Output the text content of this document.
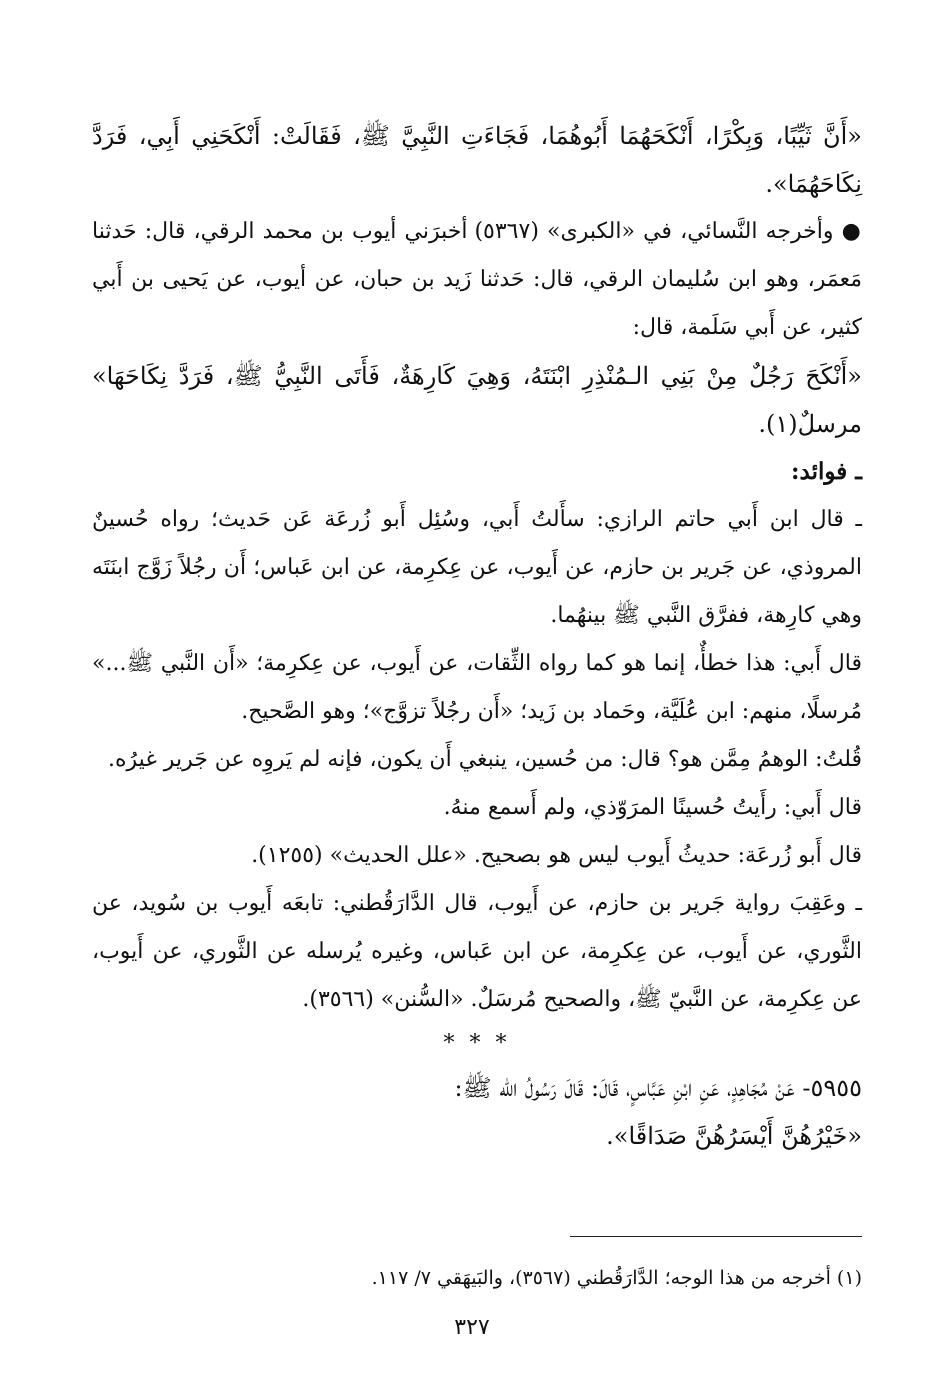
«أَنَّ ثَيِّبًا، وَبِكْرًا، أَنْكَحَهُمَا أَبُوهُمَا، فَجَاءَتِ النَّبِيَّ ﷺ، فَقَالَتْ: أَنْكَحَنِي أَبِي، فَرَدَّ نِكَاحَهُمَا».

● وأخرجه النَّسائي، في «الكبرى» (٥٣٦٧) أخبرَني أيوب بن محمد الرقي، قال: حَدثنا مَعمَر، وهو ابن سُليمان الرقي، قال: حَدثنا زَيد بن حبان، عن أيوب، عن يَحيى بن أَبي كثير، عن أَبي سَلَمة، قال:

«أَنْكَحَ رَجُلٌ مِنْ بَنِي الـمُنْذِرِ ابْنَتَهُ، وَهِيَ كَارِهَةٌ، فَأَتَى النَّبِيُّ ﷺ، فَرَدَّ نِكَاحَهَا» مرسلٌ(١).

ـ فوائد:

ـ قال ابن أَبي حاتم الرازي: سأَلتُ أَبي، وسُئِل أَبو زُرعَة عَن حَديث؛ رواه حُسينٌ المروذي، عن جَرير بن حازم، عن أَيوب، عن عِكرِمة، عن ابن عَباس؛ أَن رجُلاً زَوَّج ابنَتَه وهي كارِهة، ففرَّق النَّبي ﷺ بينهُما.

قال أَبي: هذا خطأٌ، إنما هو كما رواه الثِّقات، عن أَيوب، عن عِكرِمة؛ «أَن النَّبي ﷺ...» مُرسلًا، منهم: ابن عُلَيَّة، وحَماد بن زَيد؛ «أَن رجُلاً تزوَّج»؛ وهو الصَّحيح.

قُلتُ: الوهمُ مِمَّن هو؟ قال: من حُسين، ينبغي أَن يكون، فإنه لم يَروِه عن جَرير غيرُه.

قال أَبي: رأَيتُ حُسينًا المرَوّذي، ولم أَسمع منهُ.

قال أَبو زُرعَة: حديثُ أَيوب ليس هو بصحيح. «علل الحديث» (١٢٥٥).

ـ وعَقِبَ رواية جَرير بن حازم، عن أَيوب، قال الدَّارَقُطني: تابعَه أَيوب بن سُويد، عن الثَّوري، عن أَيوب، عن عِكرِمة، عن ابن عَباس، وغيره يُرسله عن الثَّوري، عن أَيوب، عن عِكرِمة، عن النَّبيّ ﷺ، والصحيح مُرسَلٌ. «السُّنن» (٣٥٦٦).

* * *

٥٩٥٥- عَنْ مُجَاهِدٍ، عَنِ ابْنِ عَبَّاسٍ، قَالَ: قَالَ رَسُولُ الله ﷺ:

«خَيْرُهُنَّ أَيْسَرُهُنَّ صَدَاقًا».

(١) أخرجه من هذا الوجه؛ الدَّارَقُطني (٣٥٦٧)، والبَيهَقي ٧/ ١١٧.

٣٢٧
